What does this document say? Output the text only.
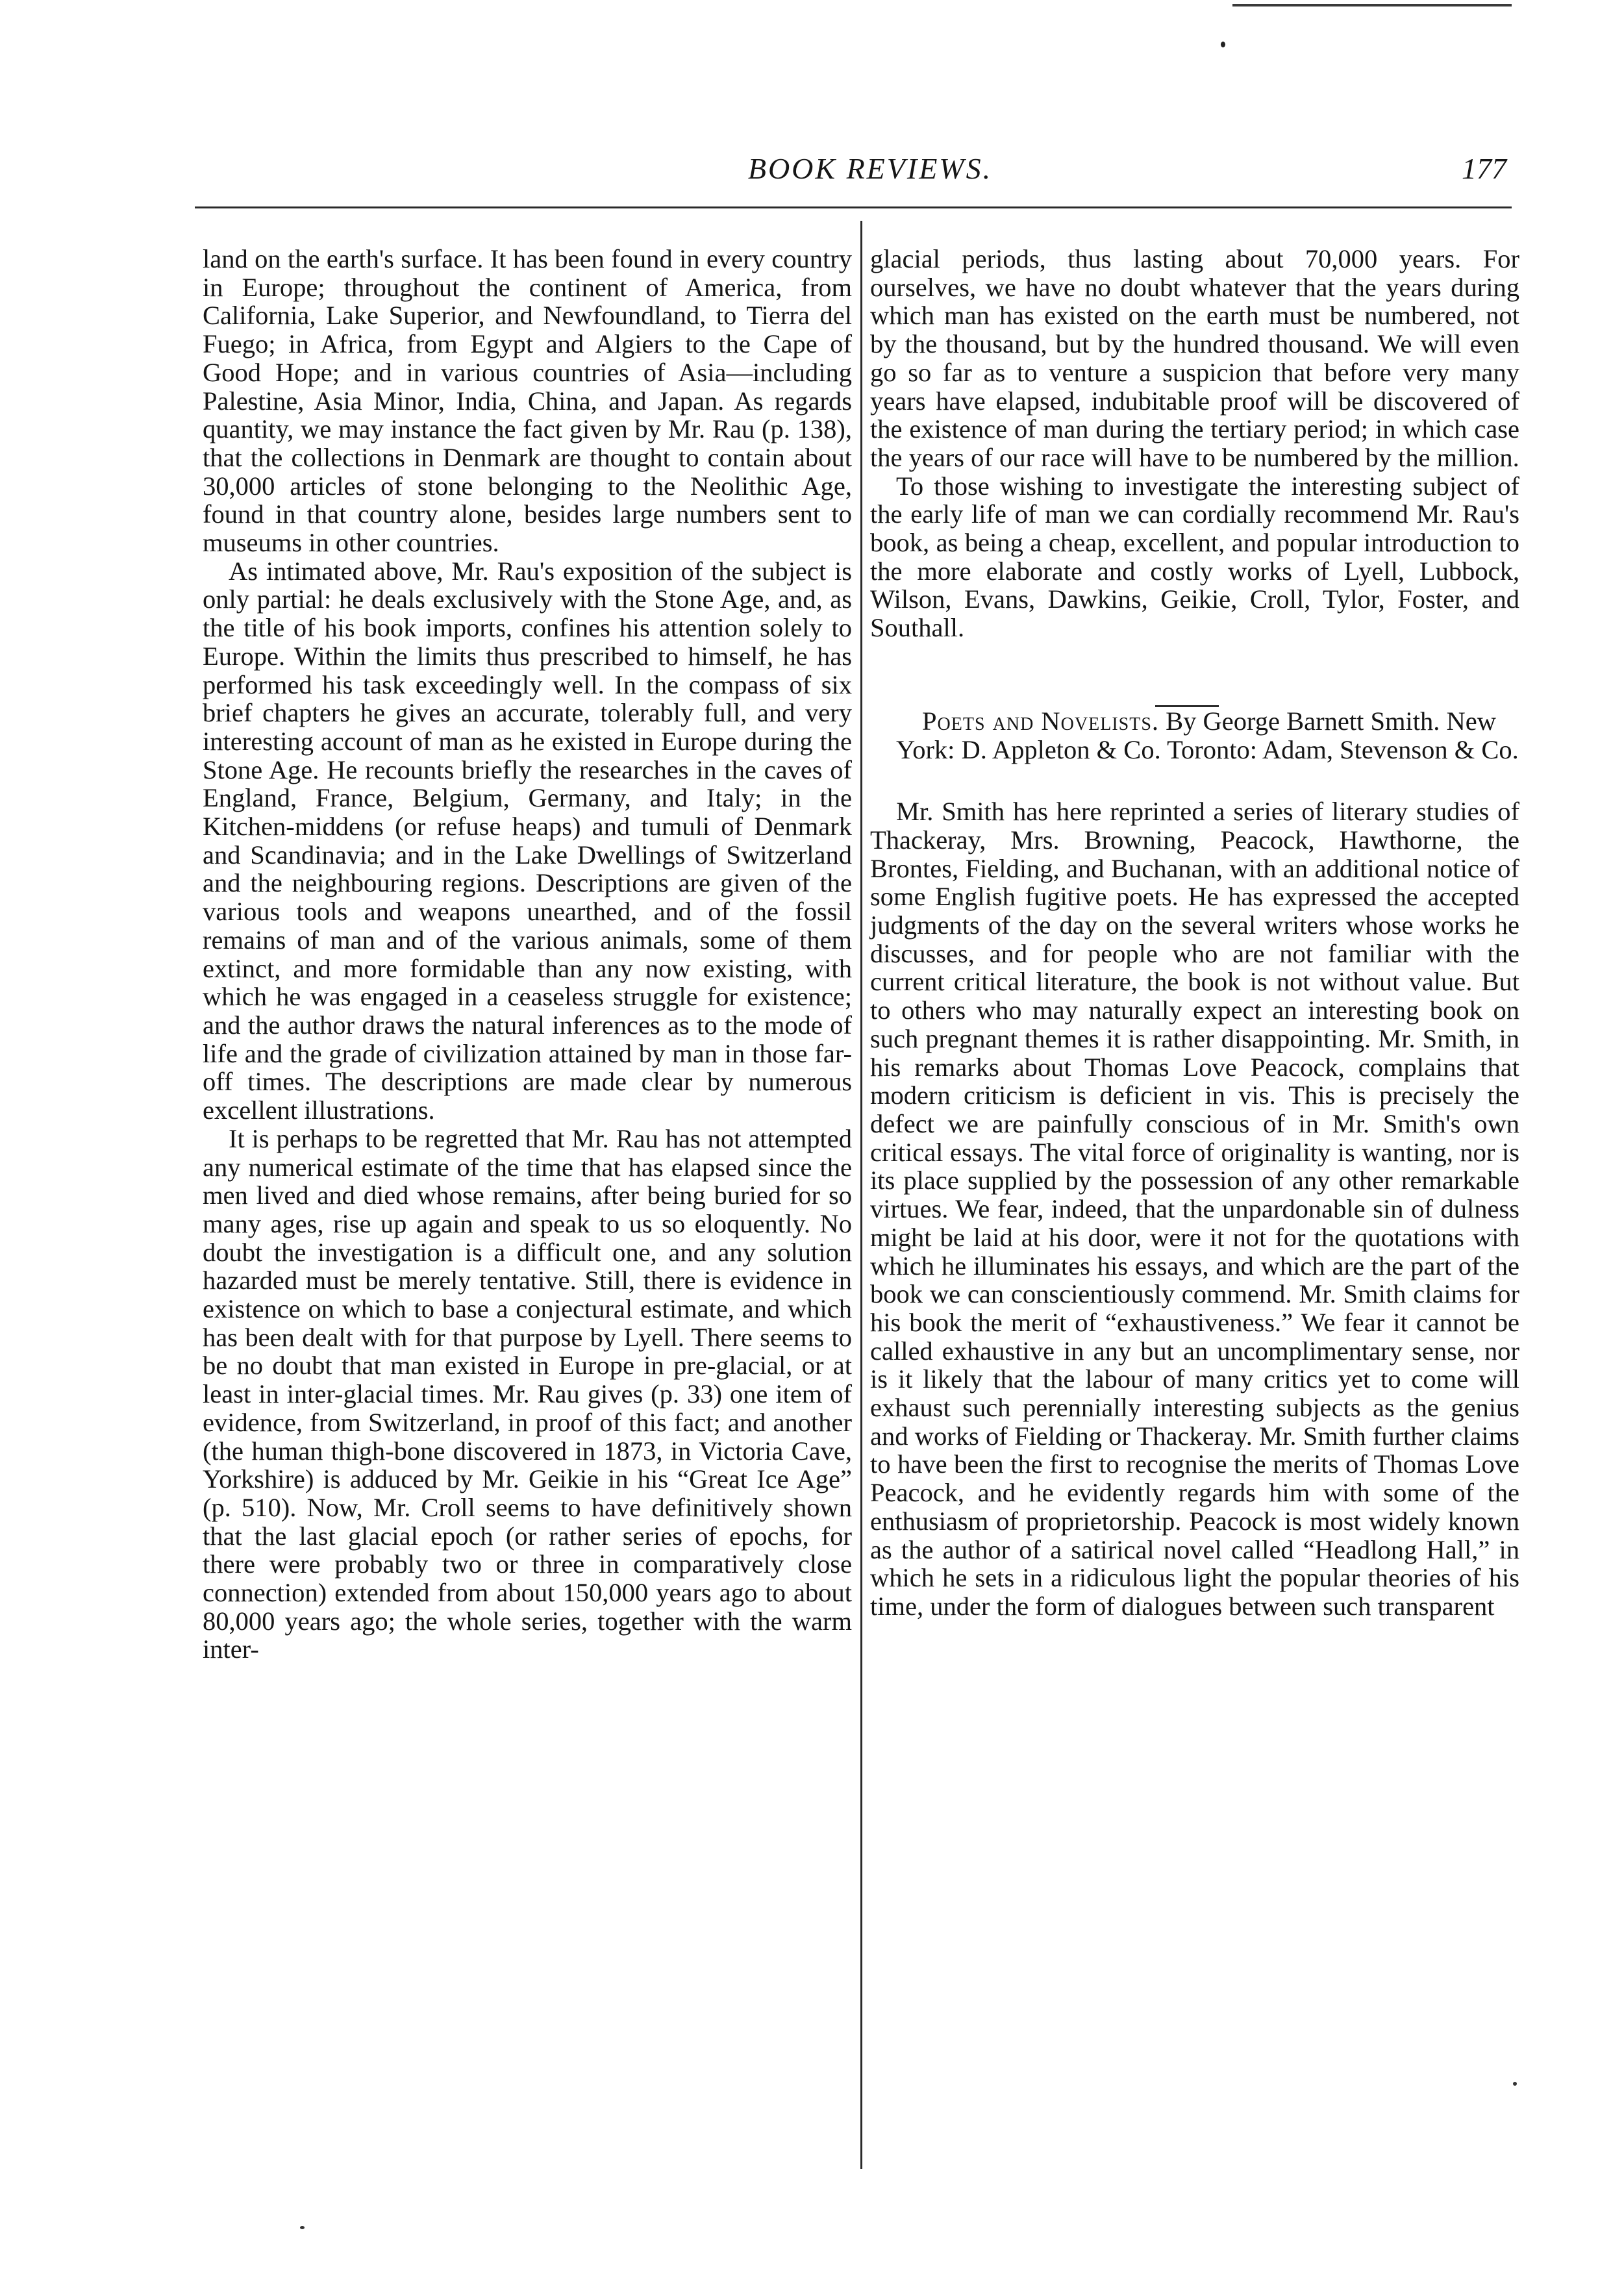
BOOK REVIEWS.	177

land on the earth's surface. It has been found in every country in Europe; throughout the continent of America, from California, Lake Superior, and Newfoundland, to Tierra del Fuego; in Africa, from Egypt and Algiers to the Cape of Good Hope; and in various countries of Asia—including Palestine, Asia Minor, India, China, and Japan. As regards quantity, we may instance the fact given by Mr. Rau (p. 138), that the collections in Denmark are thought to contain about 30,000 articles of stone belonging to the Neolithic Age, found in that country alone, besides large numbers sent to museums in other countries.

As intimated above, Mr. Rau's exposition of the subject is only partial: he deals exclusively with the Stone Age, and, as the title of his book imports, confines his attention solely to Europe. Within the limits thus prescribed to himself, he has performed his task exceedingly well. In the compass of six brief chapters he gives an accurate, tolerably full, and very interesting account of man as he existed in Europe during the Stone Age. He recounts briefly the researches in the caves of England, France, Belgium, Germany, and Italy; in the Kitchen-middens (or refuse heaps) and tumuli of Denmark and Scandinavia; and in the Lake Dwellings of Switzerland and the neighbouring regions. Descriptions are given of the various tools and weapons unearthed, and of the fossil remains of man and of the various animals, some of them extinct, and more formidable than any now existing, with which he was engaged in a ceaseless struggle for existence; and the author draws the natural inferences as to the mode of life and the grade of civilization attained by man in those far-off times. The descriptions are made clear by numerous excellent illustrations.

It is perhaps to be regretted that Mr. Rau has not attempted any numerical estimate of the time that has elapsed since the men lived and died whose remains, after being buried for so many ages, rise up again and speak to us so eloquently. No doubt the investigation is a difficult one, and any solution hazarded must be merely tentative. Still, there is evidence in existence on which to base a conjectural estimate, and which has been dealt with for that purpose by Lyell. There seems to be no doubt that man existed in Europe in pre-glacial, or at least in inter-glacial times. Mr. Rau gives (p. 33) one item of evidence, from Switzerland, in proof of this fact; and another (the human thigh-bone discovered in 1873, in Victoria Cave, Yorkshire) is adduced by Mr. Geikie in his “Great Ice Age” (p. 510). Now, Mr. Croll seems to have definitively shown that the last glacial epoch (or rather series of epochs, for there were probably two or three in comparatively close connection) extended from about 150,000 years ago to about 80,000 years ago; the whole series, together with the warm inter-

glacial periods, thus lasting about 70,000 years. For ourselves, we have no doubt whatever that the years during which man has existed on the earth must be numbered, not by the thousand, but by the hundred thousand. We will even go so far as to venture a suspicion that before very many years have elapsed, indubitable proof will be discovered of the existence of man during the tertiary period; in which case the years of our race will have to be numbered by the million.

To those wishing to investigate the interesting subject of the early life of man we can cordially recommend Mr. Rau's book, as being a cheap, excellent, and popular introduction to the more elaborate and costly works of Lyell, Lubbock, Wilson, Evans, Dawkins, Geikie, Croll, Tylor, Foster, and Southall.

Poets and Novelists. By George Barnett Smith. New York: D. Appleton & Co. Toronto: Adam, Stevenson & Co.

Mr. Smith has here reprinted a series of literary studies of Thackeray, Mrs. Browning, Peacock, Hawthorne, the Brontes, Fielding, and Buchanan, with an additional notice of some English fugitive poets. He has expressed the accepted judgments of the day on the several writers whose works he discusses, and for people who are not familiar with the current critical literature, the book is not without value. But to others who may naturally expect an interesting book on such pregnant themes it is rather disappointing. Mr. Smith, in his remarks about Thomas Love Peacock, complains that modern criticism is deficient in vis. This is precisely the defect we are painfully conscious of in Mr. Smith's own critical essays. The vital force of originality is wanting, nor is its place supplied by the possession of any other remarkable virtues. We fear, indeed, that the unpardonable sin of dulness might be laid at his door, were it not for the quotations with which he illuminates his essays, and which are the part of the book we can conscientiously commend. Mr. Smith claims for his book the merit of “exhaustiveness.” We fear it cannot be called exhaustive in any but an uncomplimentary sense, nor is it likely that the labour of many critics yet to come will exhaust such perennially interesting subjects as the genius and works of Fielding or Thackeray. Mr. Smith further claims to have been the first to recognise the merits of Thomas Love Peacock, and he evidently regards him with some of the enthusiasm of proprietorship. Peacock is most widely known as the author of a satirical novel called “Headlong Hall,” in which he sets in a ridiculous light the popular theories of his time, under the form of dialogues between such transparent
